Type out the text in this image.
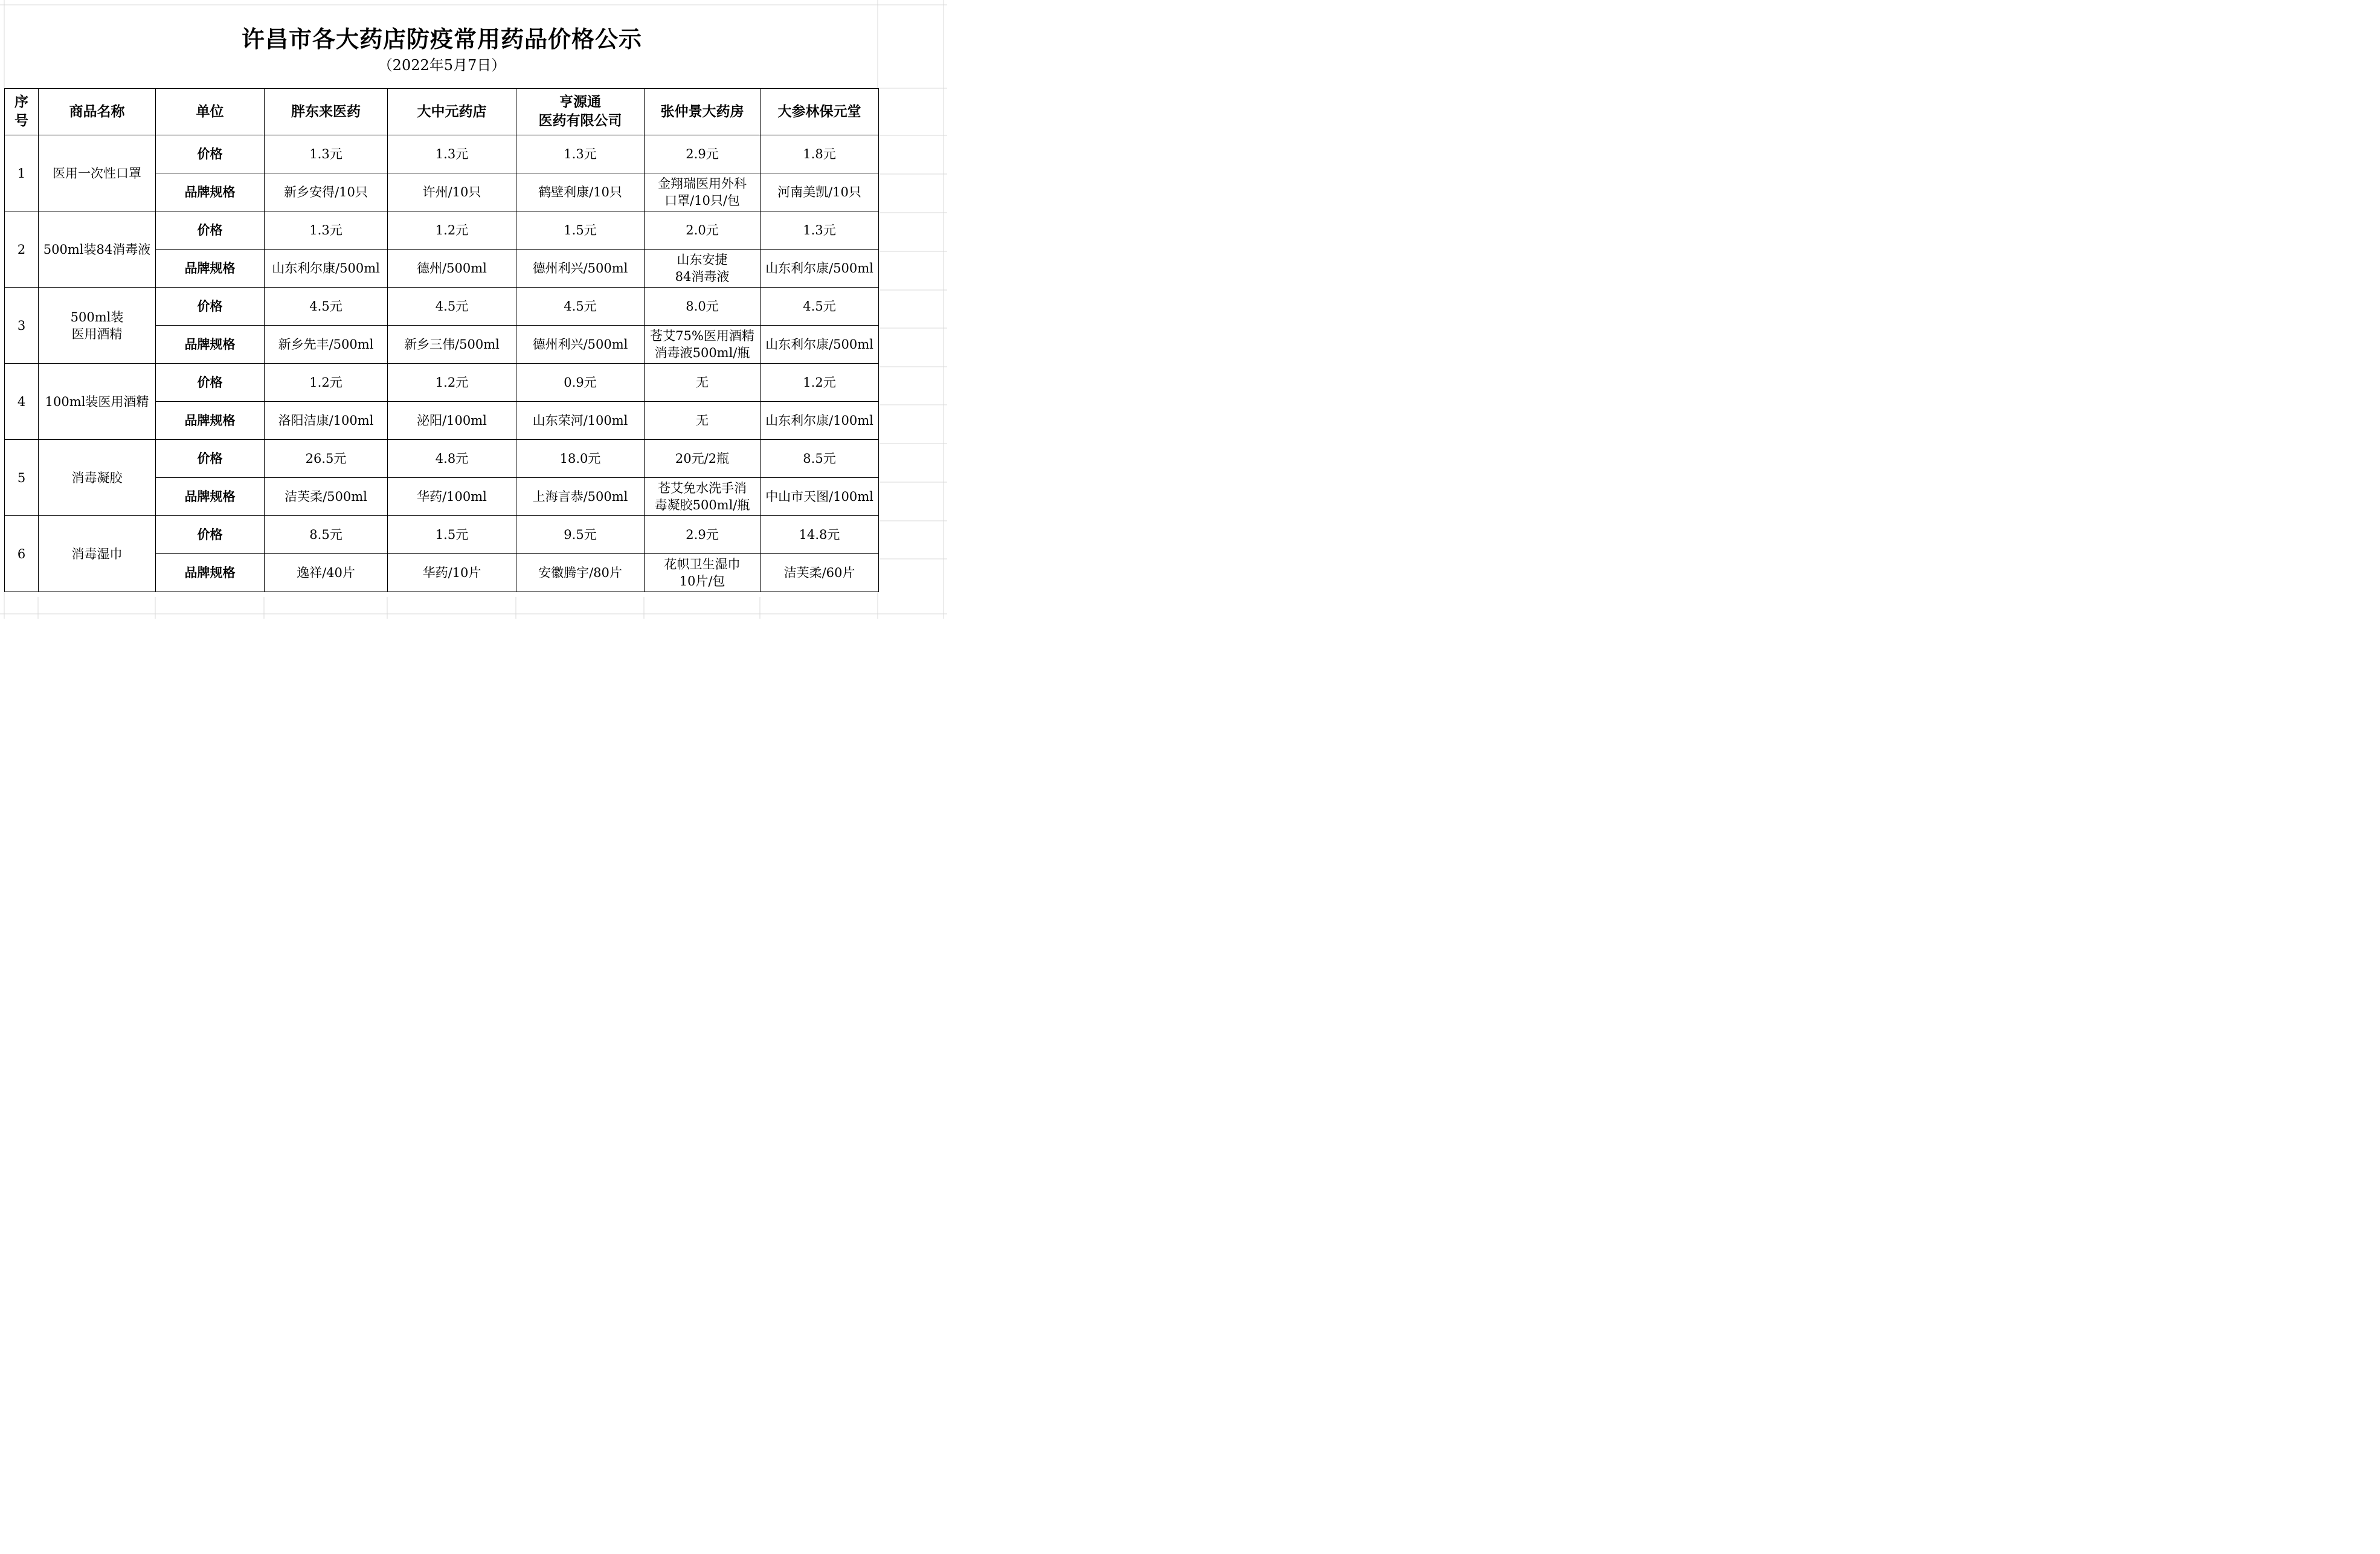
许昌市各大药店防疫常用药品价格公示
（2022年5月7日）
序
号	商品名称	单位	胖东来医药	大中元药店	亨源通
医药有限公司	张仲景大药房	大参林保元堂

1	医用一次性口罩	价格	1.3元	1.3元	1.3元	2.9元	1.8元
		品牌规格	新乡安得/10只	许州/10只	鹤壁利康/10只	金翔瑞医用外科
口罩/10只/包	河南美凯/10只

2	500ml装84消毒液	价格	1.3元	1.2元	1.5元	2.0元	1.3元
		品牌规格	山东利尔康/500ml	德州/500ml	德州利兴/500ml	山东安捷
84消毒液	山东利尔康/500ml

3	500ml装
医用酒精	价格	4.5元	4.5元	4.5元	8.0元	4.5元
		品牌规格	新乡先丰/500ml	新乡三伟/500ml	德州利兴/500ml	苍艾75%医用酒精
消毒液500ml/瓶	山东利尔康/500ml

4	100ml装医用酒精	价格	1.2元	1.2元	0.9元	无	1.2元
		品牌规格	洛阳洁康/100ml	泌阳/100ml	山东荣河/100ml	无	山东利尔康/100ml

5	消毒凝胶	价格	26.5元	4.8元	18.0元	20元/2瓶	8.5元
		品牌规格	洁芙柔/500ml	华药/100ml	上海言恭/500ml	苍艾免水洗手消
毒凝胶500ml/瓶	中山市天图/100ml

6	消毒湿巾	价格	8.5元	1.5元	9.5元	2.9元	14.8元
		品牌规格	逸祥/40片	华药/10片	安徽腾宇/80片	花帜卫生湿巾
10片/包	洁芙柔/60片
